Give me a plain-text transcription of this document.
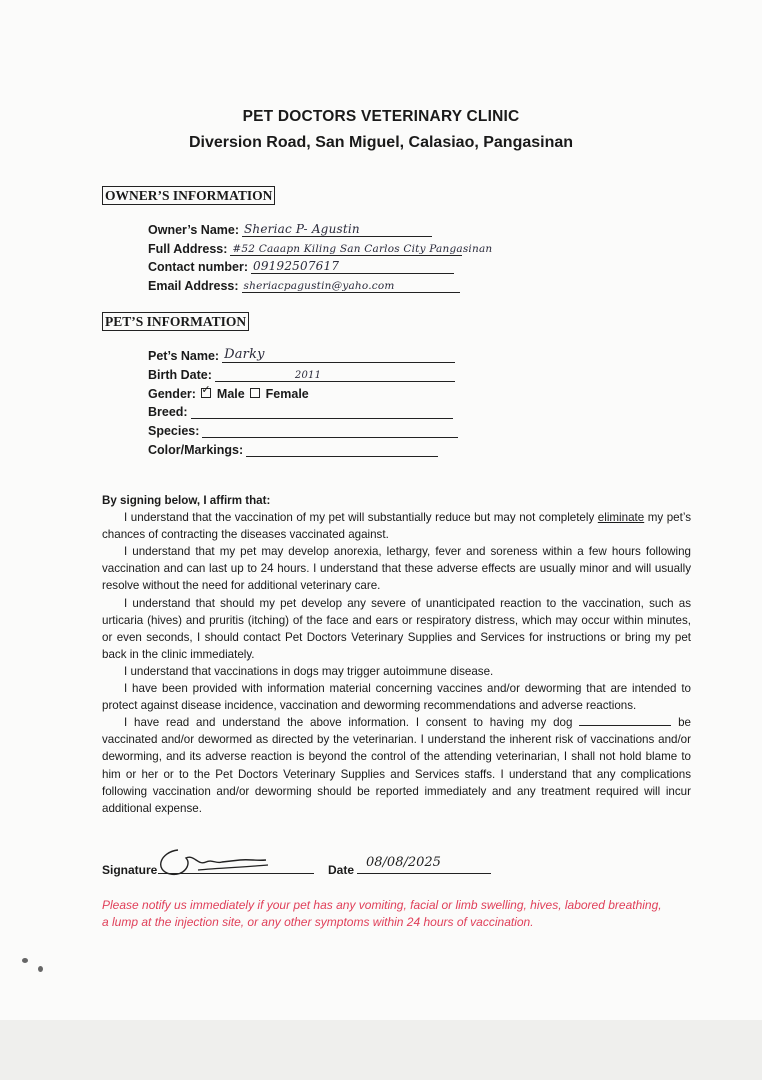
PET DOCTORS VETERINARY CLINIC
Diversion Road, San Miguel, Calasiao, Pangasinan
OWNER’S INFORMATION
Owner’s Name: Sheriac P- Agustin
Full Address: #52 Caaapn Kiling San Carlos City Pangasinan
Contact number: 09192507617
Email Address: sheriacpagustin@yaho.com
PET’S INFORMATION
Pet’s Name: Darky
Birth Date:	2011
Gender: ✓ Male Female
Breed:
Species:
Color/Markings:
By signing below, I affirm that:

I understand that the vaccination of my pet will substantially reduce but may not completely eliminate my pet’s chances of contracting the diseases vaccinated against.

I understand that my pet may develop anorexia, lethargy, fever and soreness within a few hours following vaccination and can last up to 24 hours. I understand that these adverse effects are usually minor and will usually resolve without the need for additional veterinary care.

I understand that should my pet develop any severe of unanticipated reaction to the vaccination, such as urticaria (hives) and pruritis (itching) of the face and ears or respiratory distress, which may occur within minutes, or even seconds, I should contact Pet Doctors Veterinary Supplies and Services for instructions or bring my pet back in the clinic immediately.

I understand that vaccinations in dogs may trigger autoimmune disease.

I have been provided with information material concerning vaccines and/or deworming that are intended to protect against disease incidence, vaccination and deworming recommendations and adverse reactions.

I have read and understand the above information. I consent to having my dog	be vaccinated and/or dewormed as directed by the veterinarian. I understand the inherent risk of vaccinations and/or deworming, and its adverse reaction is beyond the control of the attending veterinarian, I shall not hold blame to him or her or to the Pet Doctors Veterinary Supplies and Services staffs. I understand that any complications following vaccination and/or deworming should be reported immediately and any treatment required will incur additional expense.

Signature	Date 08/08/2025
Please notify us immediately if your pet has any vomiting, facial or limb swelling, hives, labored breathing, a lump at the injection site, or any other symptoms within 24 hours of vaccination.
